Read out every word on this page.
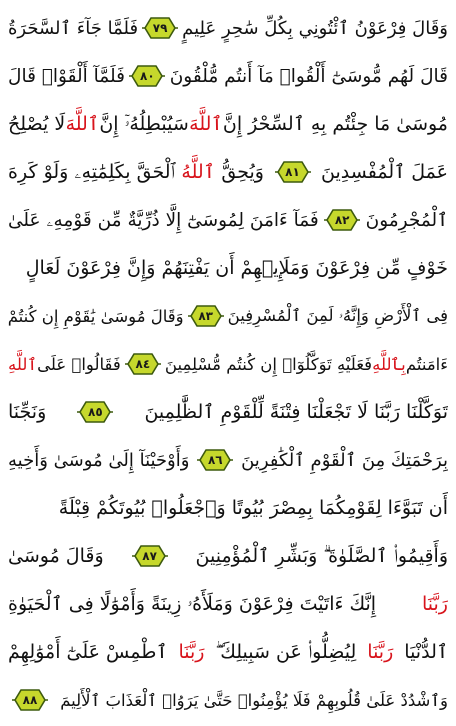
وَقَالَ فِرْعَوْنُ ٱئْتُونِي بِكُلِّ سَٰحِرٍ عَلِيمٍ
٧٩
فَلَمَّا جَآءَ ٱلسَّحَرَةُ
قَالَ لَهُم مُّوسَىٰٓ أَلْقُوا۟ مَآ أَنتُم مُّلْقُونَ
٨٠
فَلَمَّآ أَلْقَوْا۟ قَالَ
مُوسَىٰ مَا جِئْتُم بِهِ ٱلسِّحْرُ إِنَّ
ٱللَّهَ
سَيُبْطِلُهُۥٓ إِنَّ
ٱللَّهَ
لَا يُصْلِحُ
عَمَلَ ٱلْمُفْسِدِينَ
٨١
وَيُحِقُّ
ٱللَّهُ
ٱلْحَقَّ بِكَلِمَٰتِهِۦ وَلَوْ كَرِهَ
ٱلْمُجْرِمُونَ
٨٢
فَمَآ ءَامَنَ لِمُوسَىٰٓ إِلَّا ذُرِّيَّةٌ مِّن قَوْمِهِۦ عَلَىٰ
خَوْفٍ مِّن فِرْعَوْنَ وَمَلَإِي۟هِمْ أَن يَفْتِنَهُمْ وَإِنَّ فِرْعَوْنَ لَعَالٍ
فِى ٱلْأَرْضِ وَإِنَّهُۥ لَمِنَ ٱلْمُسْرِفِينَ
٨٣
وَقَالَ مُوسَىٰ يَٰقَوْمِ إِن كُنتُمْ
ءَامَنتُم
بِٱللَّهِ
فَعَلَيْهِ تَوَكَّلُوٓا۟ إِن كُنتُم مُّسْلِمِينَ
٨٤
فَقَالُوا۟ عَلَى
ٱللَّهِ
تَوَكَّلْنَا رَبَّنَا لَا تَجْعَلْنَا فِتْنَةً لِّلْقَوْمِ ٱلظَّٰلِمِينَ
٨٥
وَنَجِّنَا
بِرَحْمَتِكَ مِنَ ٱلْقَوْمِ ٱلْكَٰفِرِينَ
٨٦
وَأَوْحَيْنَآ إِلَىٰ مُوسَىٰ وَأَخِيهِ
أَن تَبَوَّءَا لِقَوْمِكُمَا بِمِصْرَ بُيُوتًا وَٱجْعَلُوا۟ بُيُوتَكُمْ قِبْلَةً
وَأَقِيمُوا۟ ٱلصَّلَوٰةَ ۗ وَبَشِّرِ ٱلْمُؤْمِنِينَ
٨٧
وَقَالَ مُوسَىٰ
رَبَّنَا
إِنَّكَ ءَاتَيْتَ فِرْعَوْنَ وَمَلَأَهُۥ زِينَةً وَأَمْوَٰلًا فِى ٱلْحَيَوٰةِ
ٱلدُّنْيَا
رَبَّنَا
لِيُضِلُّوا۟ عَن سَبِيلِكَ ۖ
رَبَّنَا
ٱطْمِسْ عَلَىٰٓ أَمْوَٰلِهِمْ
وَٱشْدُدْ عَلَىٰ قُلُوبِهِمْ فَلَا يُؤْمِنُوا۟ حَتَّىٰ يَرَوُا۟ ٱلْعَذَابَ ٱلْأَلِيمَ
٨٨
